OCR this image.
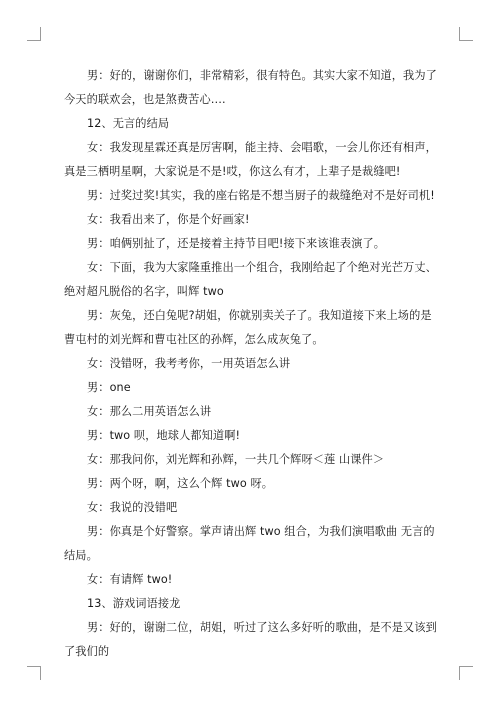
男：好的，谢谢你们，非常精彩，很有特色。其实大家不知道，我为了今天的联欢会，也是煞费苦心….

12、无言的结局

女：我发现星霖还真是厉害啊，能主持、会唱歌，一会儿你还有相声，真是三栖明星啊，大家说是不是!哎，你这么有才，上辈子是裁缝吧!

男：过奖过奖!其实，我的座右铭是不想当厨子的裁缝绝对不是好司机!

女：我看出来了，你是个好画家!

男：咱俩别扯了，还是接着主持节目吧!接下来该谁表演了。

女：下面，我为大家隆重推出一个组合，我刚给起了个绝对光芒万丈、绝对超凡脱俗的名字，叫辉 two

男：灰兔，还白兔呢?胡姐，你就别卖关子了。我知道接下来上场的是曹屯村的刘光辉和曹屯社区的孙辉，怎么成灰兔了。

女：没错呀，我考考你，一用英语怎么讲

男：one

女：那么二用英语怎么讲

男：two 呗，地球人都知道啊!

女：那我问你，刘光辉和孙辉，一共几个辉呀＜莲 山课件＞

男：两个呀，啊，这么个辉 two 呀。

女：我说的没错吧

男：你真是个好警察。掌声请出辉 two 组合，为我们演唱歌曲 无言的结局。

女：有请辉 two!

13、游戏词语接龙

男：好的，谢谢二位，胡姐，听过了这么多好听的歌曲，是不是又该到了我们的
